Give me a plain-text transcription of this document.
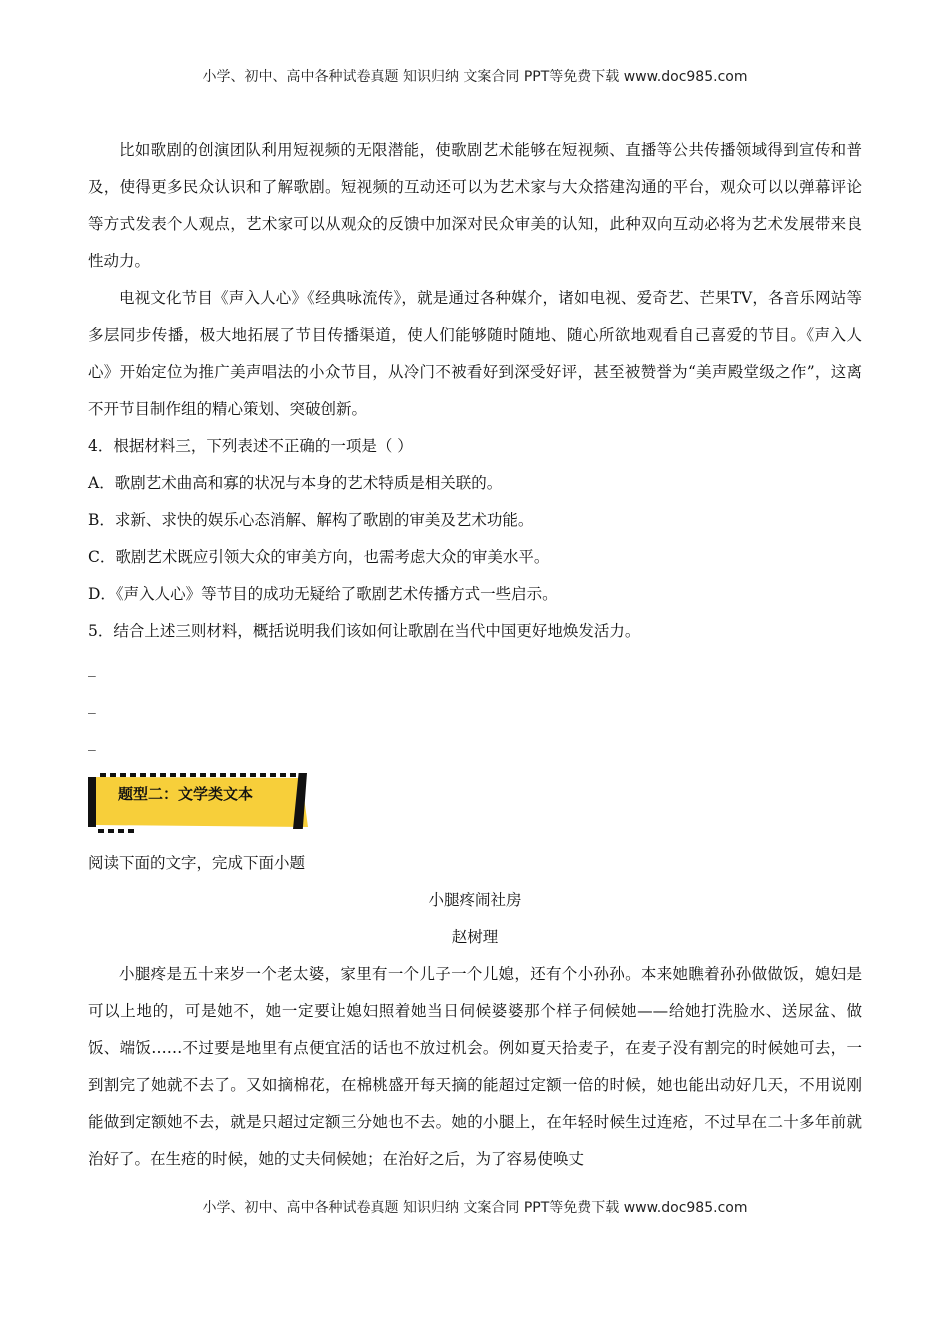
小学、初中、高中各种试卷真题 知识归纳 文案合同 PPT等免费下载 www.doc985.com

比如歌剧的创演团队利用短视频的无限潜能，使歌剧艺术能够在短视频、直播等公共传播领域得到宣传和普及，使得更多民众认识和了解歌剧。短视频的互动还可以为艺术家与大众搭建沟通的平台，观众可以以弹幕评论等方式发表个人观点，艺术家可以从观众的反馈中加深对民众审美的认知，此种双向互动必将为艺术发展带来良性动力。

电视文化节目《声入人心》《经典咏流传》，就是通过各种媒介，诸如电视、爱奇艺、芒果TV，各音乐网站等多层同步传播，极大地拓展了节目传播渠道，使人们能够随时随地、随心所欲地观看自己喜爱的节目。《声入人心》开始定位为推广美声唱法的小众节目，从冷门不被看好到深受好评，甚至被赞誉为“美声殿堂级之作”，这离不开节目制作组的精心策划、突破创新。

4．根据材料三，下列表述不正确的一项是（ ）

A．歌剧艺术曲高和寡的状况与本身的艺术特质是相关联的。

B．求新、求快的娱乐心态消解、解构了歌剧的审美及艺术功能。

C．歌剧艺术既应引领大众的审美方向，也需考虑大众的审美水平。

D．《声入人心》等节目的成功无疑给了歌剧艺术传播方式一些启示。

5．结合上述三则材料，概括说明我们该如何让歌剧在当代中国更好地焕发活力。

_

_

_

题型二：文学类文本

阅读下面的文字，完成下面小题

小腿疼闹社房

赵树理

小腿疼是五十来岁一个老太婆，家里有一个儿子一个儿媳，还有个小孙孙。本来她瞧着孙孙做做饭，媳妇是可以上地的，可是她不，她一定要让媳妇照着她当日伺候婆婆那个样子伺候她——给她打洗脸水、送尿盆、做饭、端饭……不过要是地里有点便宜活的话也不放过机会。例如夏天拾麦子，在麦子没有割完的时候她可去，一到割完了她就不去了。又如摘棉花，在棉桃盛开每天摘的能超过定额一倍的时候，她也能出动好几天，不用说刚能做到定额她不去，就是只超过定额三分她也不去。她的小腿上，在年轻时候生过连疮，不过早在二十多年前就治好了。在生疮的时候，她的丈夫伺候她；在治好之后，为了容易使唤丈

小学、初中、高中各种试卷真题 知识归纳 文案合同 PPT等免费下载 www.doc985.com
